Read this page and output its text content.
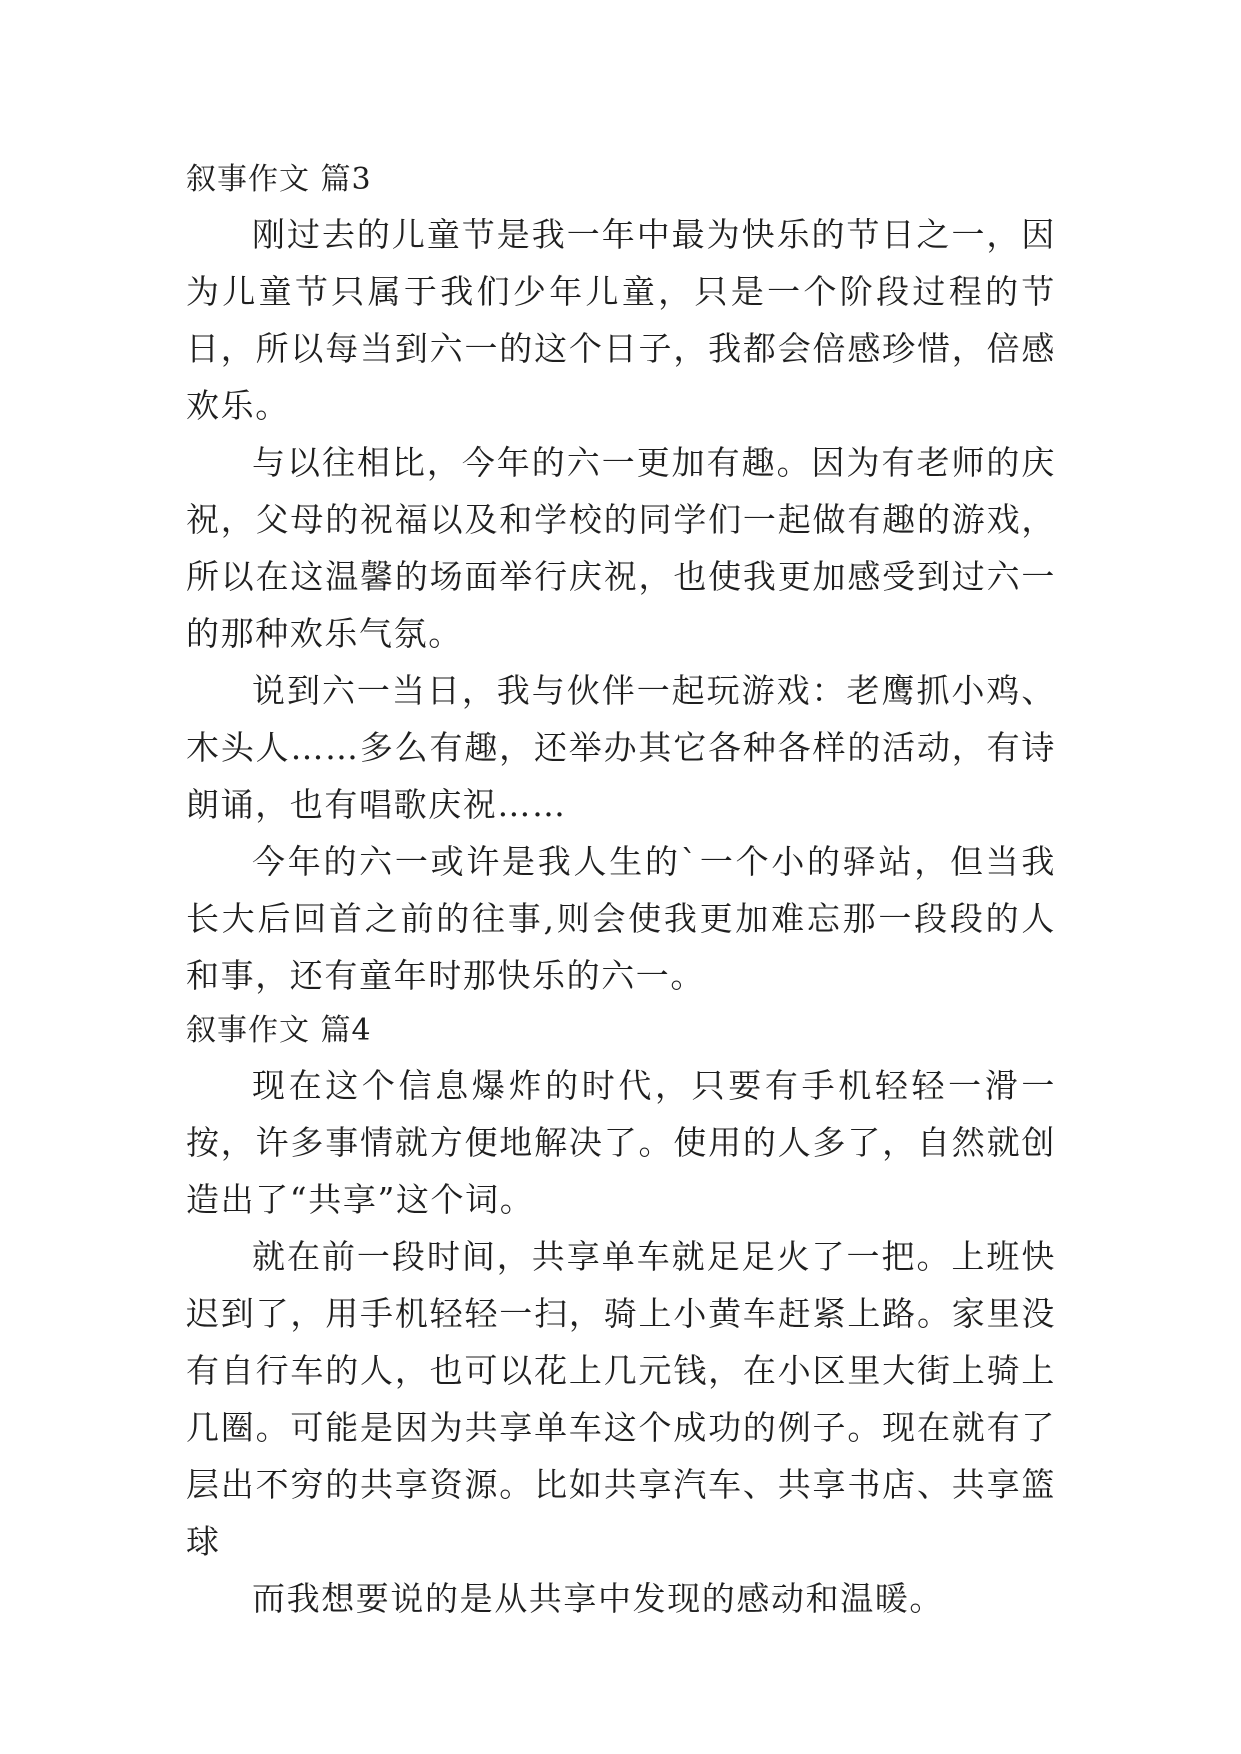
叙事作文 篇3

刚过去的儿童节是我一年中最为快乐的节日之一，因为儿童节只属于我们少年儿童，只是一个阶段过程的节日，所以每当到六一的这个日子，我都会倍感珍惜，倍感欢乐。

与以往相比，今年的六一更加有趣。因为有老师的庆祝，父母的祝福以及和学校的同学们一起做有趣的游戏，所以在这温馨的场面举行庆祝，也使我更加感受到过六一的那种欢乐气氛。

说到六一当日，我与伙伴一起玩游戏：老鹰抓小鸡、木头人……多么有趣，还举办其它各种各样的活动，有诗朗诵，也有唱歌庆祝……

今年的六一或许是我人生的`一个小的驿站，但当我长大后回首之前的往事,则会使我更加难忘那一段段的人和事，还有童年时那快乐的六一。

叙事作文 篇4

现在这个信息爆炸的时代，只要有手机轻轻一滑一按，许多事情就方便地解决了。使用的人多了，自然就创造出了“共享”这个词。

就在前一段时间，共享单车就足足火了一把。上班快迟到了，用手机轻轻一扫，骑上小黄车赶紧上路。家里没有自行车的人，也可以花上几元钱，在小区里大街上骑上几圈。可能是因为共享单车这个成功的例子。现在就有了层出不穷的共享资源。比如共享汽车、共享书店、共享篮球

而我想要说的是从共享中发现的感动和温暖。
